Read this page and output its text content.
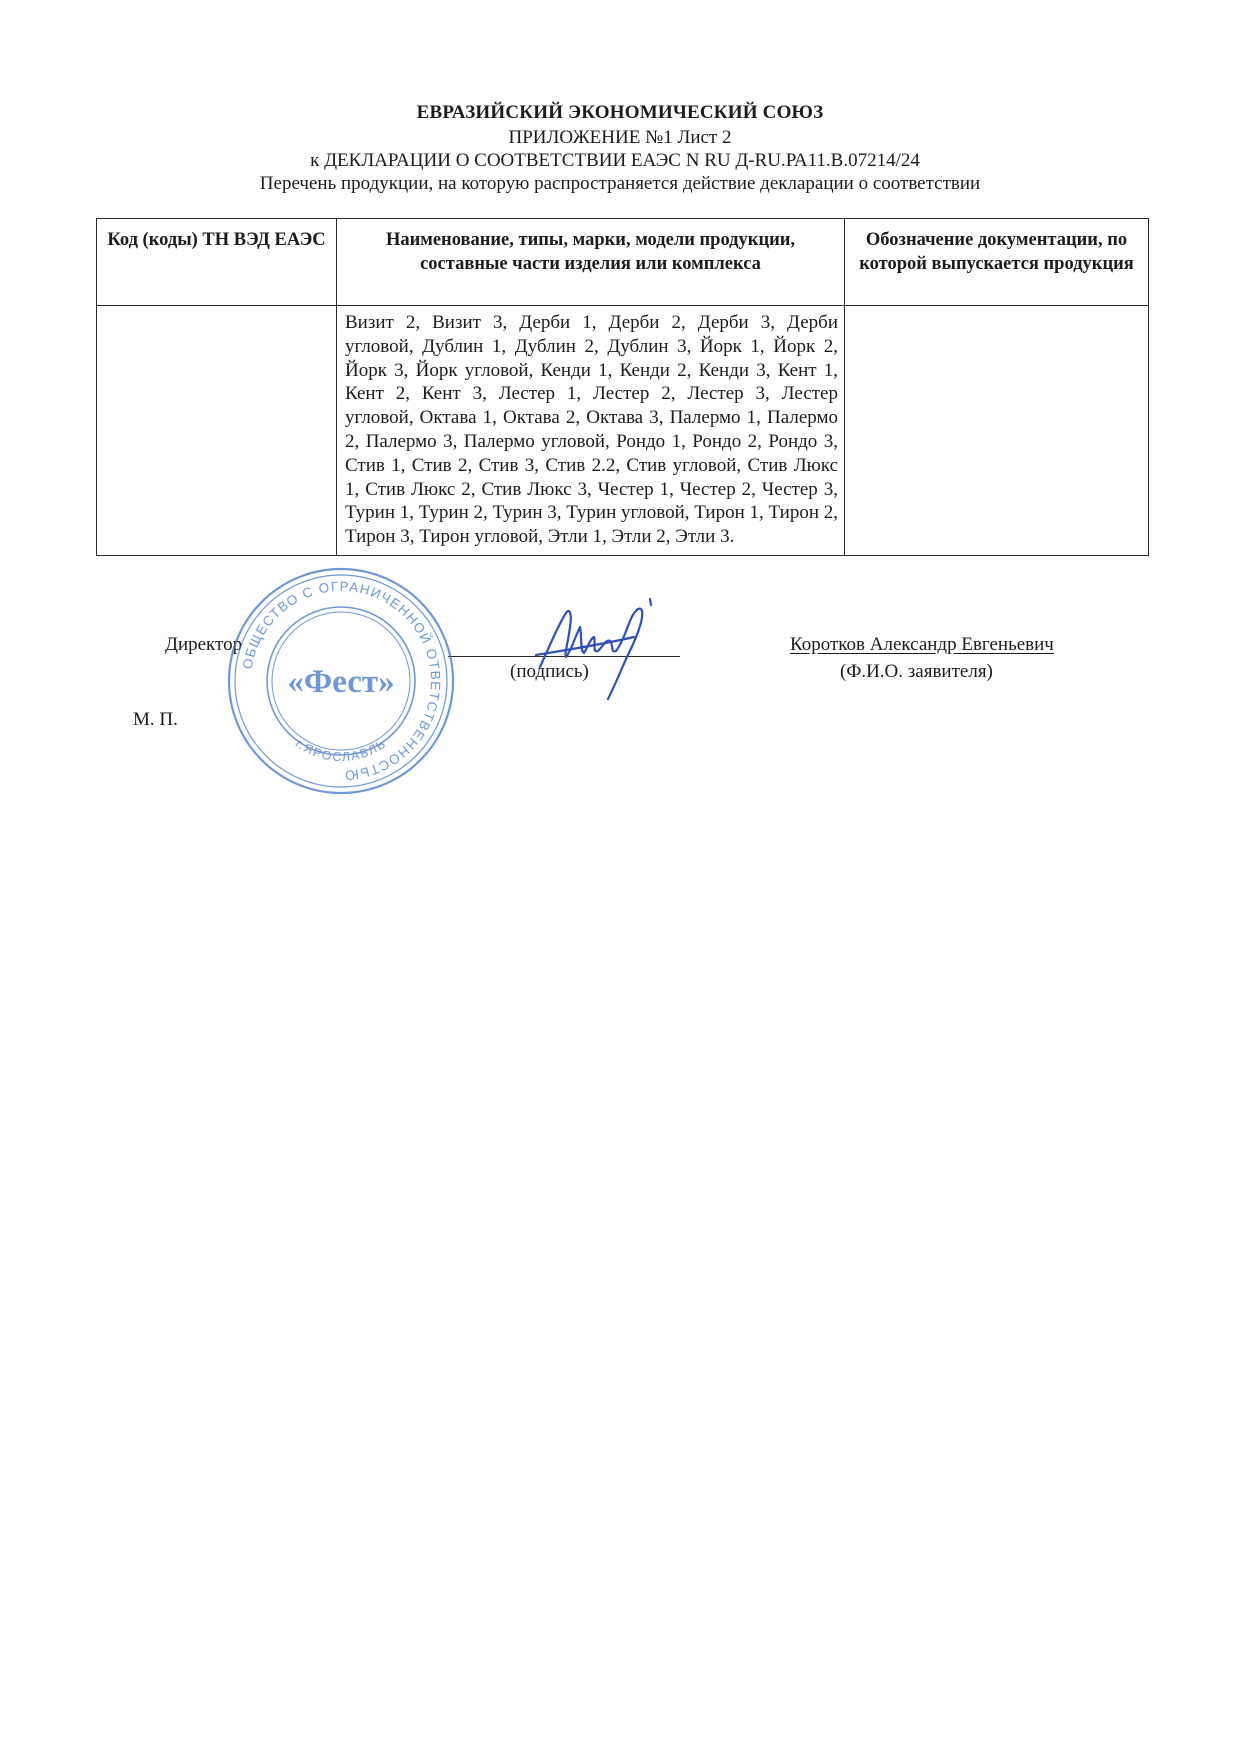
ЕВРАЗИЙСКИЙ ЭКОНОМИЧЕСКИЙ СОЮЗ
ПРИЛОЖЕНИЕ №1 Лист 2
к ДЕКЛАРАЦИИ О СООТВЕТСТВИИ ЕАЭС N RU Д-RU.РА11.В.07214/24
Перечень продукции, на которую распространяется действие декларации о соответствии
Код (коды) ТН ВЭД ЕАЭС	Наименование, типы, марки, модели продукции, составные части изделия или комплекса	Обозначение документации, по которой выпускается продукция
	Визит 2, Визит 3, Дерби 1, Дерби 2, Дерби 3, Дерби угловой, Дублин 1, Дублин 2, Дублин 3, Йорк 1, Йорк 2, Йорк 3, Йорк угловой, Кенди 1, Кенди 2, Кенди 3, Кент 1, Кент 2, Кент 3, Лестер 1, Лестер 2, Лестер 3, Лестер угловой, Октава 1, Октава 2, Октава 3, Палермо 1, Палермо 2, Палермо 3, Палермо угловой, Рондо 1, Рондо 2, Рондо 3, Стив 1, Стив 2, Стив 3, Стив 2.2, Стив угловой, Стив Люкс 1, Стив Люкс 2, Стив Люкс 3, Честер 1, Честер 2, Честер 3, Турин 1, Турин 2, Турин 3, Турин угловой, Тирон 1, Тирон 2, Тирон 3, Тирон угловой, Этли 1, Этли 2, Этли 3.	
Директор
(подпись)
Коротков Александр Евгеньевич
(Ф.И.О. заявителя)
М. П.
ОБЩЕСТВО С ОГРАНИЧЕННОЙ ОТВЕТСТВЕННОСТЬЮ
г.ЯРОСЛАВЛЬ
«Фест»
